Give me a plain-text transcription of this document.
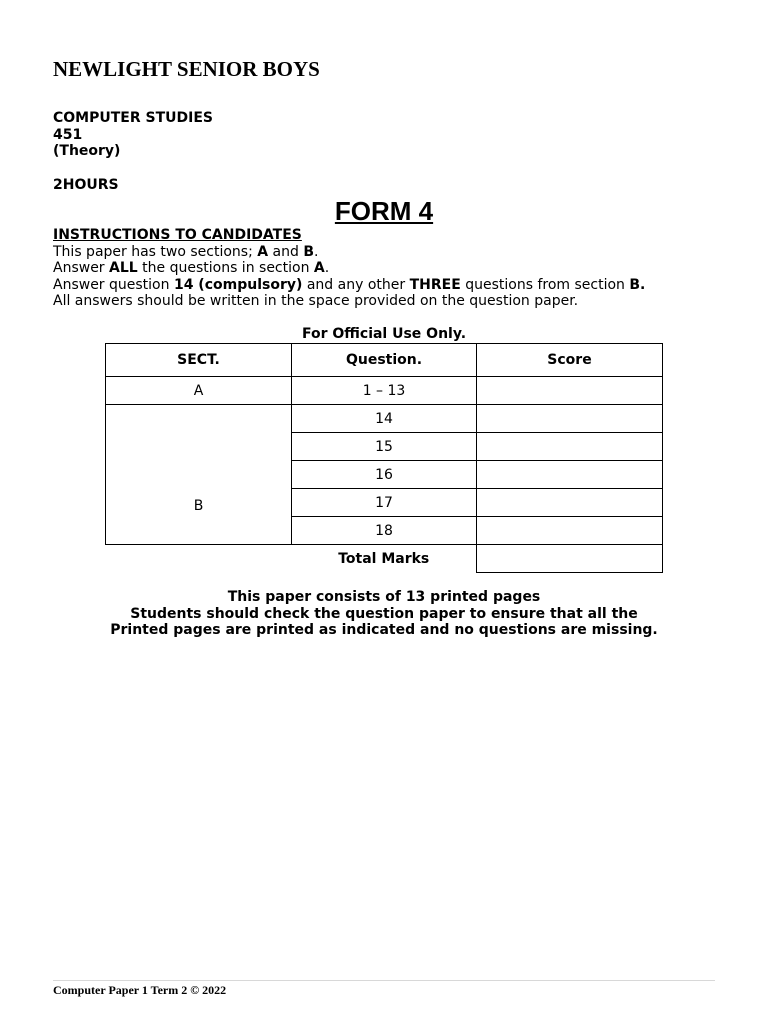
NEWLIGHT SENIOR BOYS
COMPUTER STUDIES
451
(Theory)
2HOURS
FORM 4
INSTRUCTIONS TO CANDIDATES
This paper has two sections; A and B.
Answer ALL the questions in section A.
Answer question 14 (compulsory) and any other THREE questions from section B.
All answers should be written in the space provided on the question paper.
For Official Use Only.
SECT.	Question.	Score
A	1 – 13	
B	14	
	15	
	16	
	17	
	18	
	Total Marks	
This paper consists of 13 printed pages
Students should check the question paper to ensure that all the
Printed pages are printed as indicated and no questions are missing.
Computer Paper 1 Term 2 © 2022
